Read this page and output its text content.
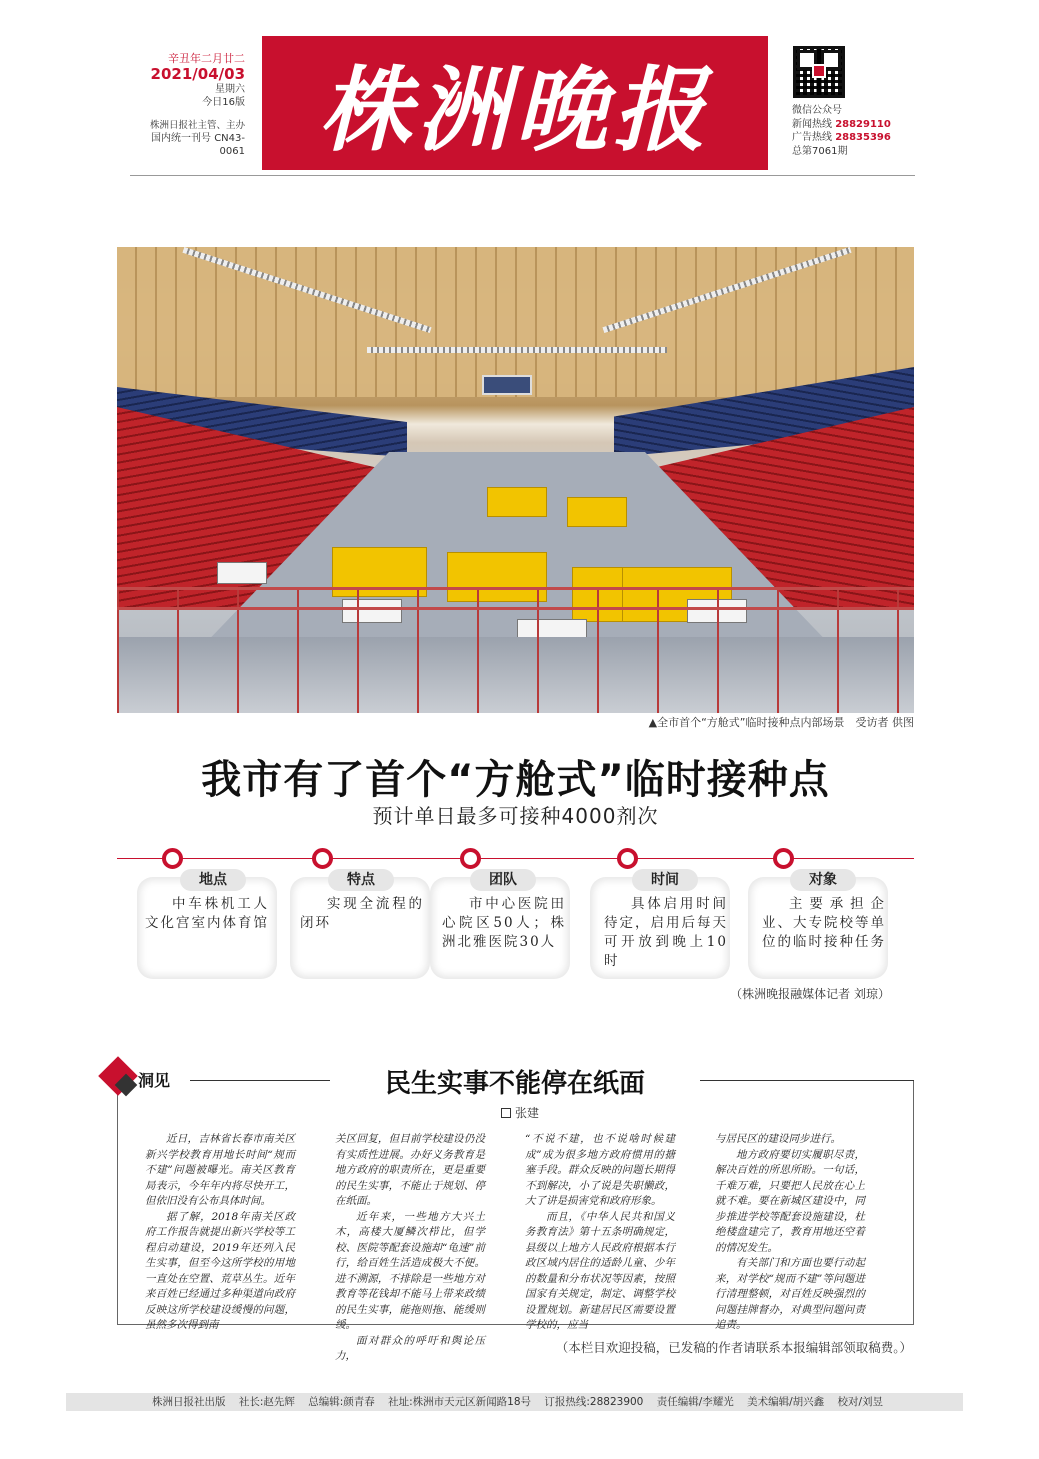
辛丑年二月廿二
2021/04/03
星期六
今日16版
株洲日报社主管、主办
国内统一刊号 CN43-0061 株洲晚报	微信公众号
新闻热线 28829110
广告热线 28835396
总第7061期
▲全市首个“方舱式”临时接种点内部场景　受访者 供图
我市有了首个“方舱式”临时接种点
预计单日最多可接种4000剂次
地点
中车株机工人文化宫室内体育馆
特点
实现全流程的闭环
团队
市中心医院田心院区50人；株洲北雅医院30人
时间
具体启用时间待定，启用后每天可开放到晚上10时
对象
主要承担企业、大专院校等单位的临时接种任务
（株洲晚报融媒体记者 刘琼）
洞见	民生实事不能停在纸面
张建

近日，吉林省长春市南关区新兴学校教育用地长时间“规而不建”问题被曝光。南关区教育局表示，今年年内将尽快开工，但依旧没有公布具体时间。

据了解，2018年南关区政府工作报告就提出新兴学校等工程启动建设，2019年还列入民生实事，但至今这所学校的用地一直处在空置、荒草丛生。近年来百姓已经通过多种渠道向政府反映这所学校建设缓慢的问题，虽然多次得到南

关区回复，但目前学校建设仍没有实质性进展。办好义务教育是地方政府的职责所在，更是重要的民生实事，不能止于规划、停在纸面。

近年来，一些地方大兴土木，高楼大厦鳞次栉比，但学校、医院等配套设施却“龟速”前行，给百姓生活造成极大不便。进不溯源，不排除是一些地方对教育等花钱却不能马上带来政绩的民生实事，能拖则拖、能缓则缓。

面对群众的呼吁和舆论压力，

“不说不建，也不说啥时候建成”成为很多地方政府惯用的搪塞手段。群众反映的问题长期得不到解决，小了说是失职懒政，大了讲是损害党和政府形象。

而且，《中华人民共和国义务教育法》第十五条明确规定，县级以上地方人民政府根据本行政区域内居住的适龄儿童、少年的数量和分布状况等因素，按照国家有关规定，制定、调整学校设置规划。新建居民区需要设置学校的，应当

与居民区的建设同步进行。

地方政府要切实履职尽责，解决百姓的所思所盼。一句话，千难万难，只要把人民放在心上就不难。要在新城区建设中，同步推进学校等配套设施建设，杜绝楼盘建完了，教育用地还空着的情况发生。

有关部门和方面也要行动起来，对学校“规而不建”等问题进行清理整顿，对百姓反映强烈的问题挂牌督办，对典型问题问责追责。

（本栏目欢迎投稿，已发稿的作者请联系本报编辑部领取稿费。）
株洲日报社出版 社长:赵先辉 总编辑:颜青春 社址:株洲市天元区新闻路18号 订报热线:28823900 责任编辑/李耀光 美术编辑/胡兴鑫 校对/刘昱
